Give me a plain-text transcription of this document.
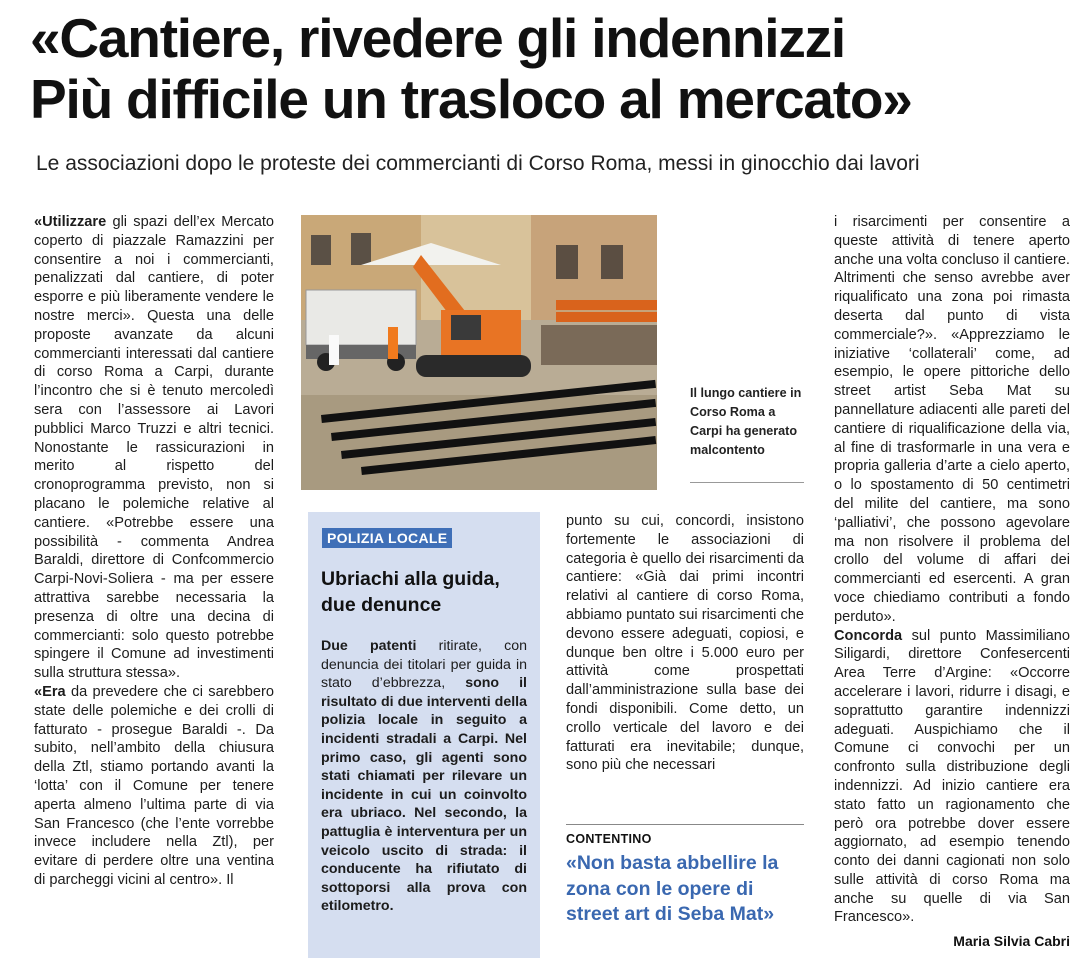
«Cantiere, rivedere gli indennizzi
Più difficile un trasloco al mercato»
Le associazioni dopo le proteste dei commercianti di Corso Roma, messi in ginocchio dai lavori

«Utilizzare gli spazi dell’ex Mercato coperto di piazzale Ramazzini per consentire a noi i commercianti, penalizzati dal cantiere, di poter esporre e più liberamente vendere le nostre merci». Questa una delle proposte avanzate da alcuni commercianti interessati dal cantiere di corso Roma a Carpi, durante l’incontro che si è tenuto mercoledì sera con l’assessore ai Lavori pubblici Marco Truzzi e altri tecnici. Nonostante le rassicurazioni in merito al rispetto del cronoprogramma previsto, non si placano le polemiche relative al cantiere. «Potrebbe essere una possibilità - commenta Andrea Baraldi, direttore di Confcommercio Carpi-Novi-Soliera - ma per essere attrattiva sarebbe necessaria la presenza di oltre una decina di commercianti: solo questo potrebbe spingere il Comune ad investimenti sulla struttura stessa».

«Era da prevedere che ci sarebbero state delle polemiche e dei crolli di fatturato - prosegue Baraldi -. Da subito, nell’ambito della chiusura della Ztl, stiamo portando avanti la ‘lotta’ con il Comune per tenere aperta almeno l’ultima parte di via San Francesco (che l’ente vorrebbe invece includere nella Ztl), per evitare di perdere oltre una ventina di parcheggi vicini al centro». Il

Il lungo cantiere in Corso Roma a Carpi ha generato malcontento
POLIZIA LOCALE
Ubriachi alla guida, due denunce
Due patenti ritirate, con denuncia dei titolari per guida in stato d’ebbrezza, sono il risultato di due interventi della polizia locale in seguito a incidenti stradali a Carpi. Nel primo caso, gli agenti sono stati chiamati per rilevare un incidente in cui un coinvolto era ubriaco. Nel secondo, la pattuglia è interventura per un veicolo uscito di strada: il conducente ha rifiutato di sottoporsi alla prova con etilometro.

punto su cui, concordi, insistono fortemente le associazioni di categoria è quello dei risarcimenti da cantiere: «Già dai primi incontri relativi al cantiere di corso Roma, abbiamo puntato sui risarcimenti che devono essere adeguati, copiosi, e dunque ben oltre i 5.000 euro per attività come prospettati dall’amministrazione sulla base dei fondi disponibili. Come detto, un crollo verticale del lavoro e dei fatturati era inevitabile; dunque, sono più che necessari

CONTENTINO
«Non basta abbellire la zona con le opere di street art di Seba Mat»

i risarcimenti per consentire a queste attività di tenere aperto anche una volta concluso il cantiere. Altrimenti che senso avrebbe aver riqualificato una zona poi rimasta deserta dal punto di vista commerciale?». «Apprezziamo le iniziative ‘collaterali’ come, ad esempio, le opere pittoriche dello street artist Seba Mat su pannellature adiacenti alle pareti del cantiere di riqualificazione della via, al fine di trasformarle in una vera e propria galleria d’arte a cielo aperto, o lo spostamento di 50 centimetri del milite del cantiere, ma sono ‘palliativi’, che possono agevolare ma non risolvere il problema del crollo del volume di affari dei commercianti ed esercenti. A gran voce chiediamo contributi a fondo perduto».

Concorda sul punto Massimiliano Siligardi, direttore Confesercenti Area Terre d’Argine: «Occorre accelerare i lavori, ridurre i disagi, e soprattutto garantire indennizzi adeguati. Auspichiamo che il Comune ci convochi per un confronto sulla distribuzione degli indennizzi. Ad inizio cantiere era stato fatto un ragionamento che però ora potrebbe dover essere aggiornato, ad esempio tenendo conto dei danni cagionati non solo sulle attività di corso Roma ma anche su quelle di via San Francesco».

Maria Silvia Cabri
